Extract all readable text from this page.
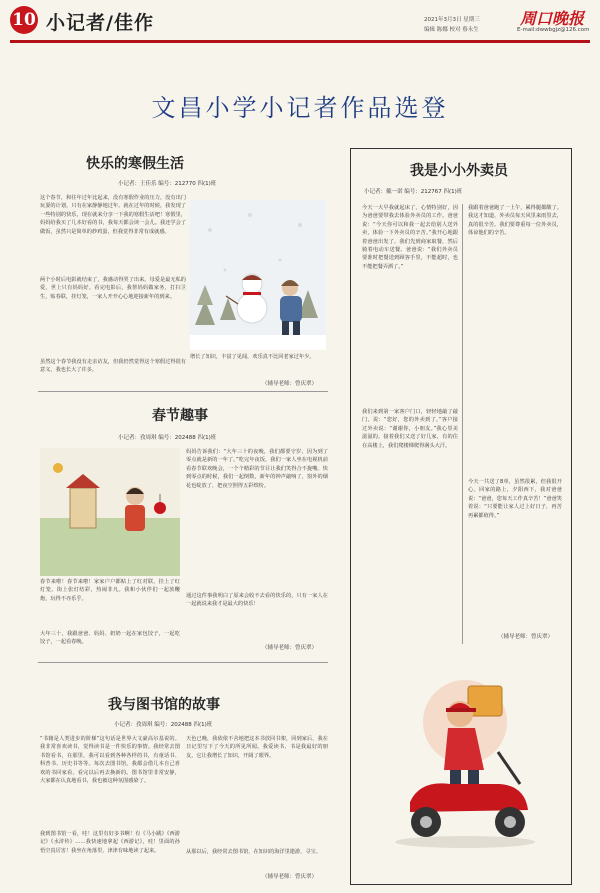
10 小记者/佳作	2021年3月3日 星期三
编辑 陈娜 校对 蔡永生
周口晚报
E-mail:dwwbgjz@126.com
文昌小学小记者作品选登
快乐的寒假生活
小记者：王佳乐 编号：212770 四(1)班
这个春节，和往年过年比起来，没有寒假作业的压力，没有出门玩耍的计划，只有在家静静地过年。就在过年的时候，我发现了一些特别的快乐，现在就来分享一下我的寒假生活吧！寒假里，妈妈给我买了几本好看的书，我每天都会读一会儿。我还学会了做饭，虽然只是简单的炒鸡蛋，但我觉得非常有成就感。
两个小时后电影就结束了，我感动得哭了出来。母爱是最无私的爱，世上只有妈妈好。看完电影后，我帮妈妈做家务，打扫卫生，贴春联，挂灯笼，一家人开开心心地迎接新年的到来。
虽然这个春节我没有走亲访友，但我仍然觉得这个寒假过得很有意义，我也长大了许多。
增长了知识，丰富了见闻，欢乐真不比回老家过年少。
（辅导老师：曾庆翠）
春节趣事
小记者：孜周琪 编号：202488 四(1)班
妈妈告诉我们：“大年三十的夜晚，我们都要守岁，因为到了零点就是新的一年了。”吃完年夜饭，我们一家人坐在电视机前看春节联欢晚会，一个个精彩的节目让我们笑得合不拢嘴。快到零点的时候，我们一起倒数，新年的钟声敲响了，窗外的烟花也绽放了，把夜空照得五彩缤纷。
春节来啦！春节来啦！家家户户都贴上了红对联，挂上了红灯笼，街上张灯结彩，热闹非凡。我和小伙伴们一起放鞭炮，玩得不亦乐乎。
大年三十，我跟爸爸、妈妈、奶奶一起在家包饺子，一起吃饺子，一起看春晚。
通过这件事我明白了原来会收不去看的快乐的，只有一家人在一起就说来我才是最大的快乐！
（辅导老师：曾庆翠）
我与图书馆的故事
小记者：孜周琪 编号：202488 四(1)班
“书籍是人类进步的阶梯”这句话是世界大文豪高尔基说的。我非常喜欢读书，觉得读书是一件快乐的事情。我经常去图书馆看书，在那里，我可以看到各种各样的书，有童话书、科普书、历史书等等。每次去图书馆，我都会借几本自己喜欢的书回家看，看完以后再去换新的。图书馆里非常安静，大家都在认真地看书，我也被这种氛围感染了。
我到图书馆一看，哇！这里有好多书啊！有《马小跳》《西游记》《水浒传》……我快速地拿起《西游记》，哇！里面的孙悟空真厉害！我坐在角落里，津津有味地读了起来。
天色已晚，我依依不舍地把这本书放回书架，回到家后，我在日记里写下了今天的所见所闻。我爱读书，书是我最好的朋友，它让我增长了知识，开阔了眼界。
从那以后，我经常去图书馆，在知识的海洋里遨游，寻宝。
（辅导老师：曾庆翠）
我是小小外卖员
小记者：戴一诺 编号：212767 四(1)班
今天一大早我就起床了，心情特别好，因为爸爸要带我去体验外卖员的工作。爸爸说：“今天你可以和我一起去给别人送外卖，体验一下外卖员的辛苦。”我开心地跟着爸爸出发了。我们先到商家取餐，然后骑着电动车送餐。爸爸说：“我们外卖员要准时把餐送到顾客手里，不能超时，也不能把餐弄洒了。”
我们来到第一家客户门口，轻轻地敲了敲门，说：“您好，您的外卖到了。”客户接过外卖说：“谢谢你，小朋友。”我心里美滋滋的。接着我们又送了好几家，有的住在高楼上，我们爬楼梯爬得满头大汗。
我跟着爸爸跑了一上午，累得腿都酸了。我这才知道，外卖员每天风里来雨里去，真的很辛苦。我们要尊重每一位外卖员，体谅他们的辛苦。
今天一共送了8单，虽然很累，但我很开心。回家的路上，夕阳西下，我对爸爸说：“爸爸，您每天工作真辛苦！”爸爸笑着说：“只要能让家人过上好日子，再苦再累都值得。”
（辅导老师：曾庆翠）
